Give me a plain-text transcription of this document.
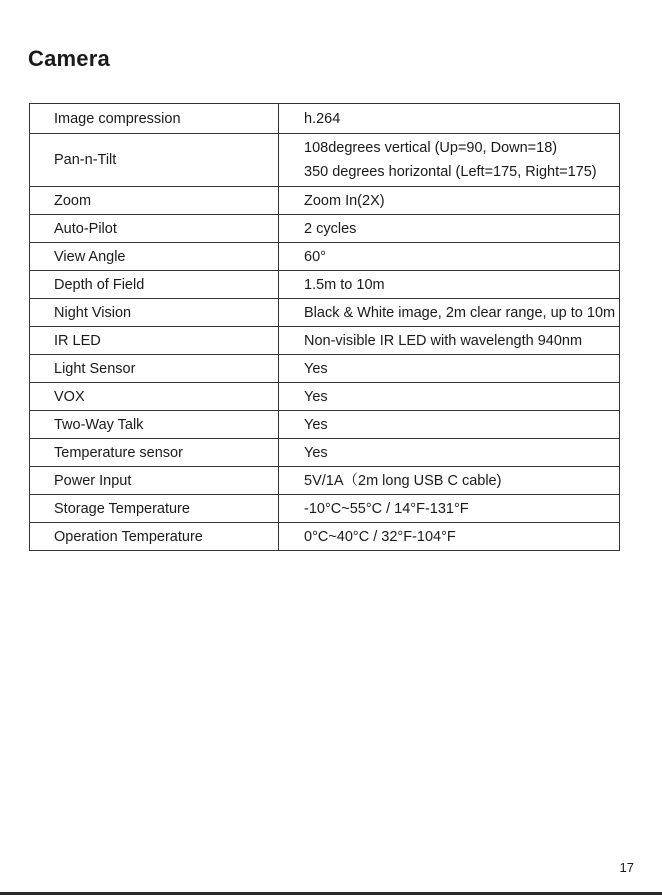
Camera
Image compression	h.264

Pan-n-Tilt	108degrees vertical (Up=90, Down=18)
350 degrees horizontal (Left=175, Right=175)

Zoom	Zoom In(2X)

Auto-Pilot	2 cycles

View Angle	60°

Depth of Field	1.5m to 10m

Night Vision	Black & White image, 2m clear range, up to 10m

IR LED	Non-visible IR LED with wavelength 940nm

Light Sensor	Yes

VOX	Yes

Two-Way Talk	Yes

Temperature sensor	Yes

Power Input	5V/1A（2m long USB C cable)

Storage Temperature	-10°C~55°C / 14°F-131°F

Operation Temperature	0°C~40°C / 32°F-104°F
17
